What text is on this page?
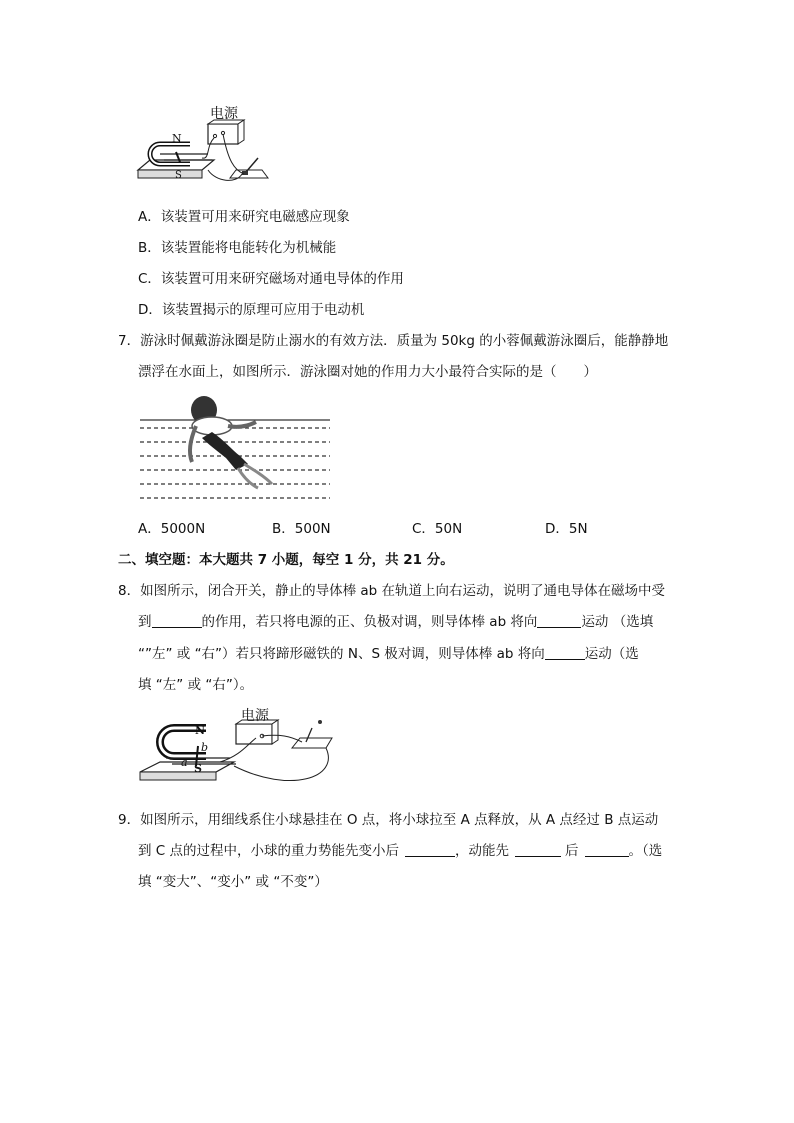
电源
N
S
A．该装置可用来研究电磁感应现象
B．该装置能将电能转化为机械能
C．该装置可用来研究磁场对通电导体的作用
D．该装置揭示的原理可应用于电动机
7．游泳时佩戴游泳圈是防止溺水的有效方法．质量为 50kg 的小蓉佩戴游泳圈后，能静静地
漂浮在水面上，如图所示．游泳圈对她的作用力大小最符合实际的是（　　）
A．5000N	B．500N	C．50N	D．5N
二、填空题：本大题共 7 小题，每空 1 分，共 21 分。
8．如图所示，闭合开关，静止的导体棒 ab 在轨道上向右运动，说明了通电导体在磁场中受
到	的作用，若只将电源的正、负极对调，则导体棒 ab 将向	运动 （选填
“”左” 或 “右”）若只将蹄形磁铁的 N、S 极对调，则导体棒 ab 将向	运动（选
填 “左” 或 “右”）。
电源
N
b
a S
9．如图所示，用细线系住小球悬挂在 O 点，将小球拉至 A 点释放，从 A 点经过 B 点运动
到 C 点的过程中，小球的重力势能先变小后	，动能先	后	。（选
填 “变大”、“变小” 或 “不变”）
